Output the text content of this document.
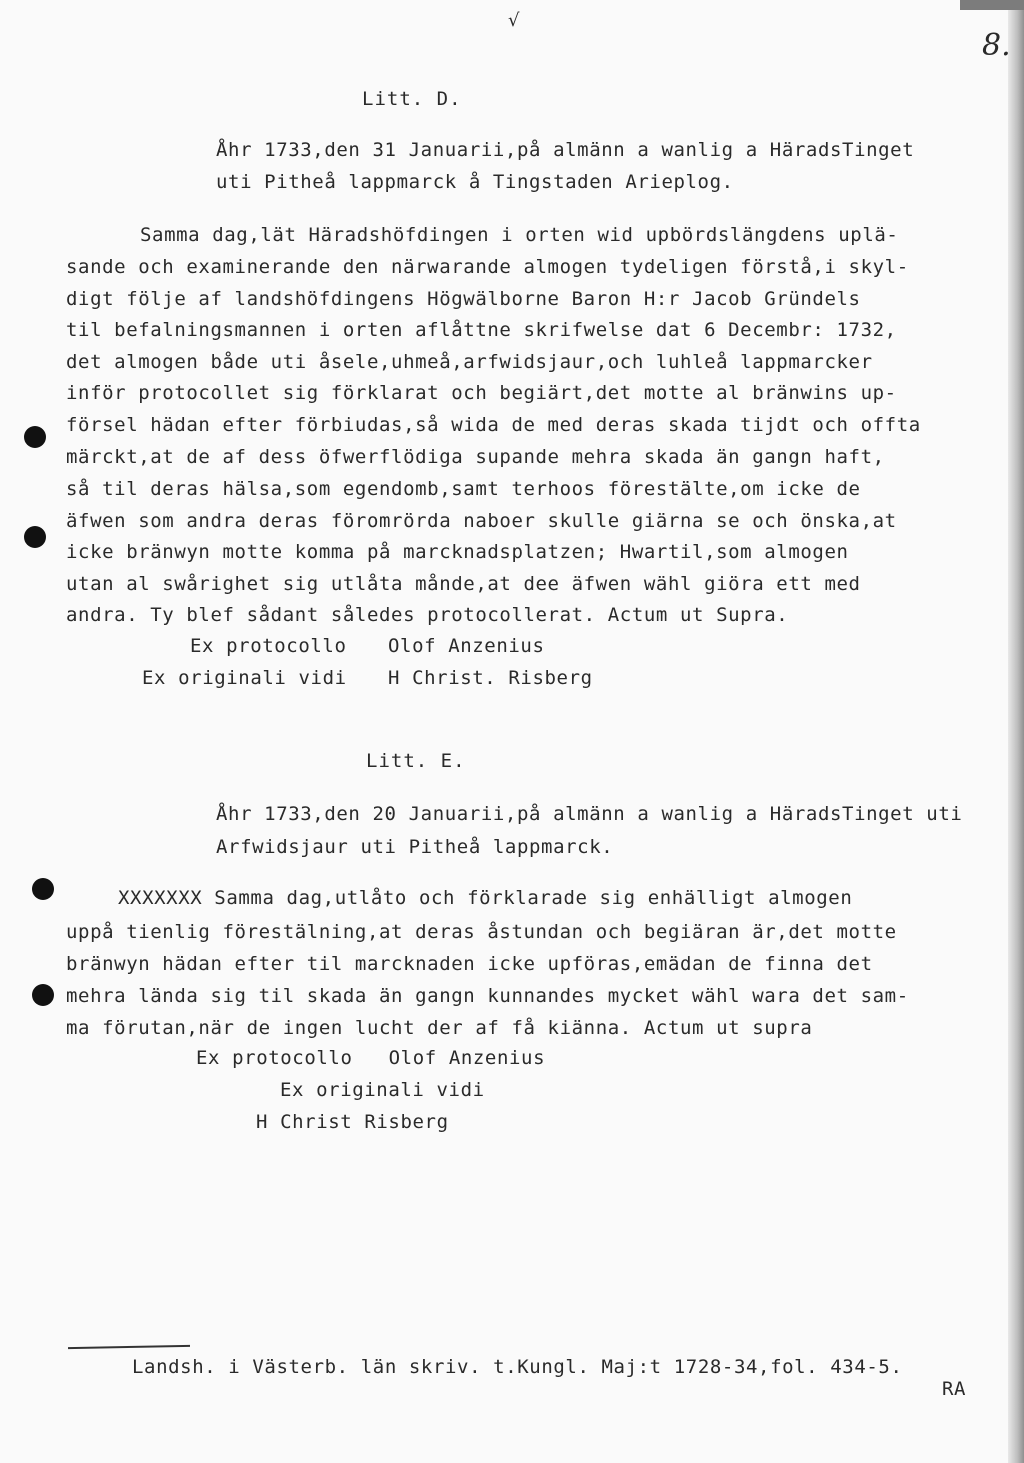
√
8.
Litt. D.
Åhr 1733,den 31 Januarii,på almänn a wanlig a HäradsTinget
uti Pitheå lappmarck å Tingstaden Arieplog.
Samma dag,lät Häradshöfdingen i orten wid upbördslängdens uplä-
sande och examinerande den närwarande almogen tydeligen förstå,i skyl-
digt följe af landshöfdingens Högwälborne Baron H:r Jacob Gründels
til befalningsmannen i orten aflåttne skrifwelse dat 6 Decembr: 1732,
det almogen både uti åsele,uhmeå,arfwidsjaur,och luhleå lappmarcker
inför protocollet sig förklarat och begiärt,det motte al bränwins up-
försel hädan efter förbiudas,så wida de med deras skada tijdt och offta
märckt,at de af dess öfwerflödiga supande mehra skada än gangn haft,
så til deras hälsa,som egendomb,samt terhoos förestälte,om icke de
äfwen som andra deras föromrörda naboer skulle giärna se och önska,at
icke bränwyn motte komma på marcknadsplatzen; Hwartil,som almogen
utan al swårighet sig utlåta månde,at dee äfwen wähl giöra ett med
andra. Ty blef sådant således protocollerat. Actum ut Supra.
Ex protocollo Olof Anzenius
Ex originali vidi H Christ. Risberg
Litt. E.
Åhr 1733,den 20 Januarii,på almänn a wanlig a HäradsTinget uti
Arfwidsjaur uti Pitheå lappmarck.
XXXXXXX Samma dag,utlåto och förklarade sig enhälligt almogen
uppå tienlig förestälning,at deras åstundan och begiäran är,det motte
bränwyn hädan efter til marcknaden icke upföras,emädan de finna det
mehra lända sig til skada än gangn kunnandes mycket wähl wara det sam-
ma förutan,när de ingen lucht der af få kiänna. Actum ut supra
Ex protocollo   Olof Anzenius
Ex originali vidi
H Christ Risberg
Landsh. i Västerb. län skriv. t.Kungl. Maj:t 1728-34,fol. 434-5.
RA
